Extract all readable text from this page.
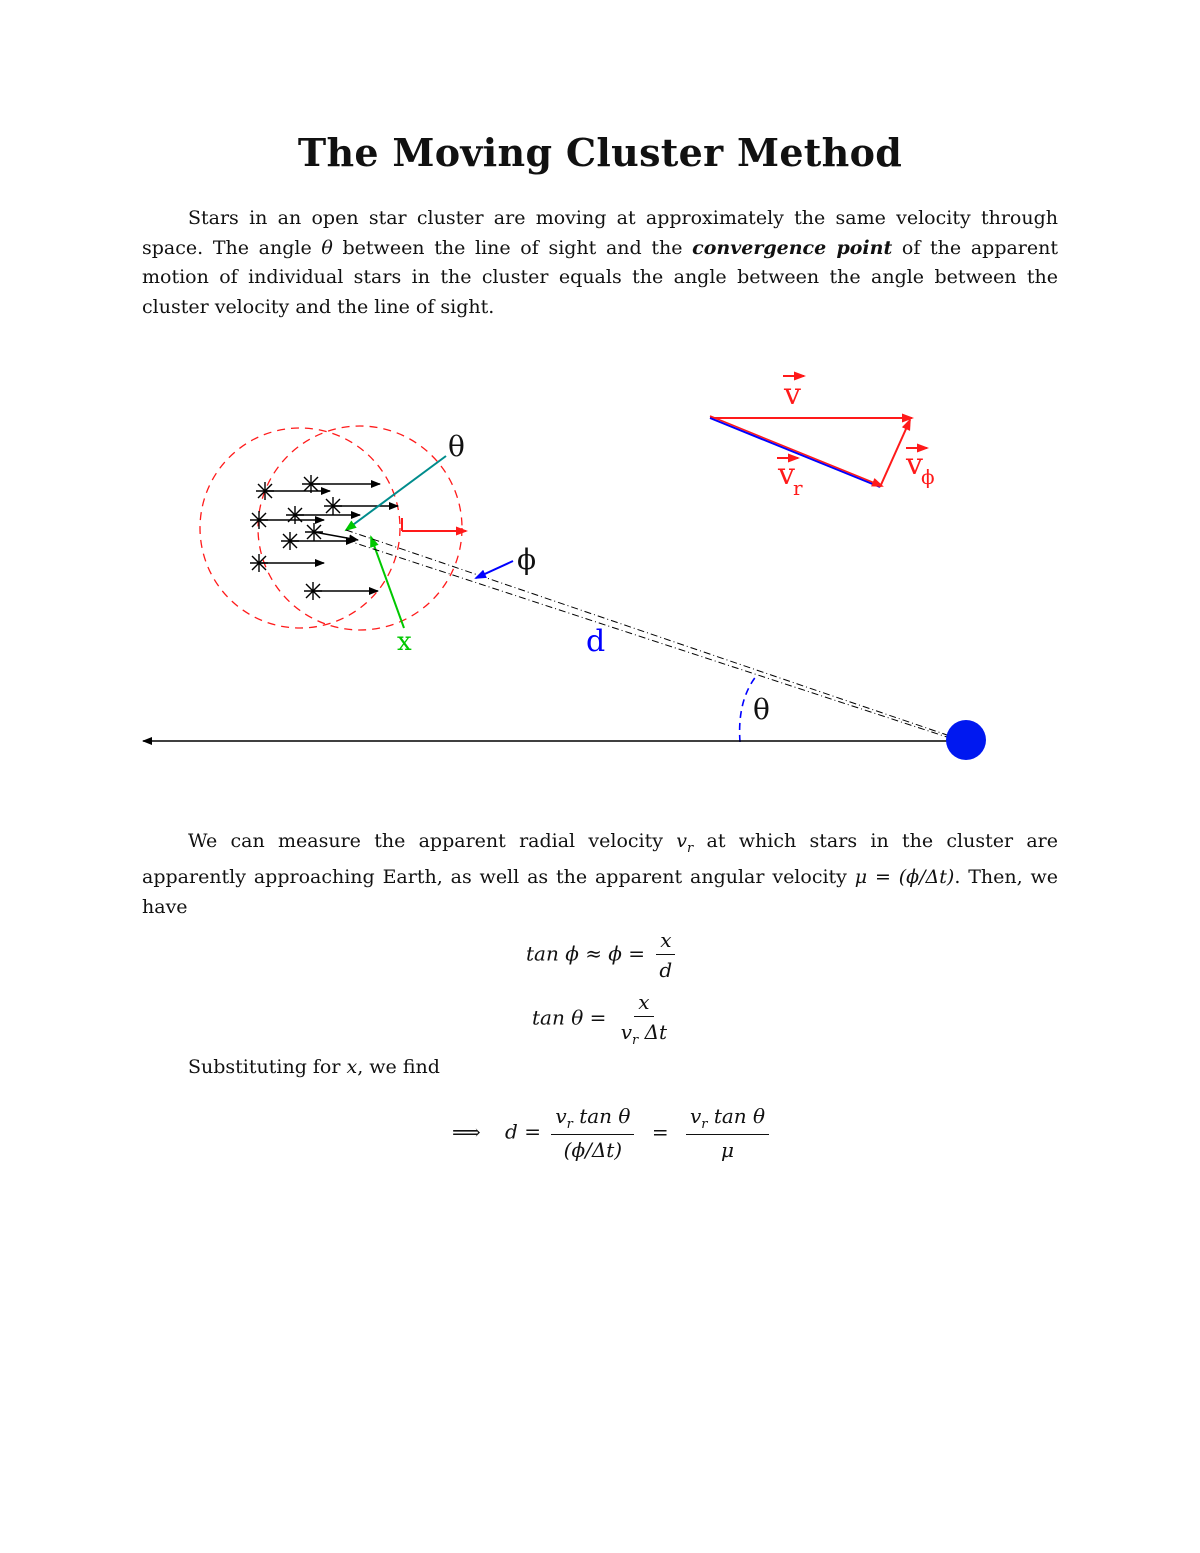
The Moving Cluster Method
Stars in an open star cluster are moving at approximately the same velocity through space. The angle θ between the line of sight and the convergence point of the apparent motion of individual stars in the cluster equals the angle between the angle between the cluster velocity and the line of sight.
θ
ϕ
x	d
θ
v
v
r
v
ϕ
We can measure the apparent radial velocity $v_r$ at which stars in the cluster are apparently approaching Earth, as well as the apparent angular velocity μ = (ϕ/Δt). Then, we have
$\tan \phi \approx \phi = \frac{x}{d}$
$\tan \theta = \frac{x}{v_r \Delta t}$
Substituting for x, we find
⟹ $d = \frac{v_r \tan \theta}{(\phi/\Delta t)} = \frac{v_r \tan \theta}{\mu}$
